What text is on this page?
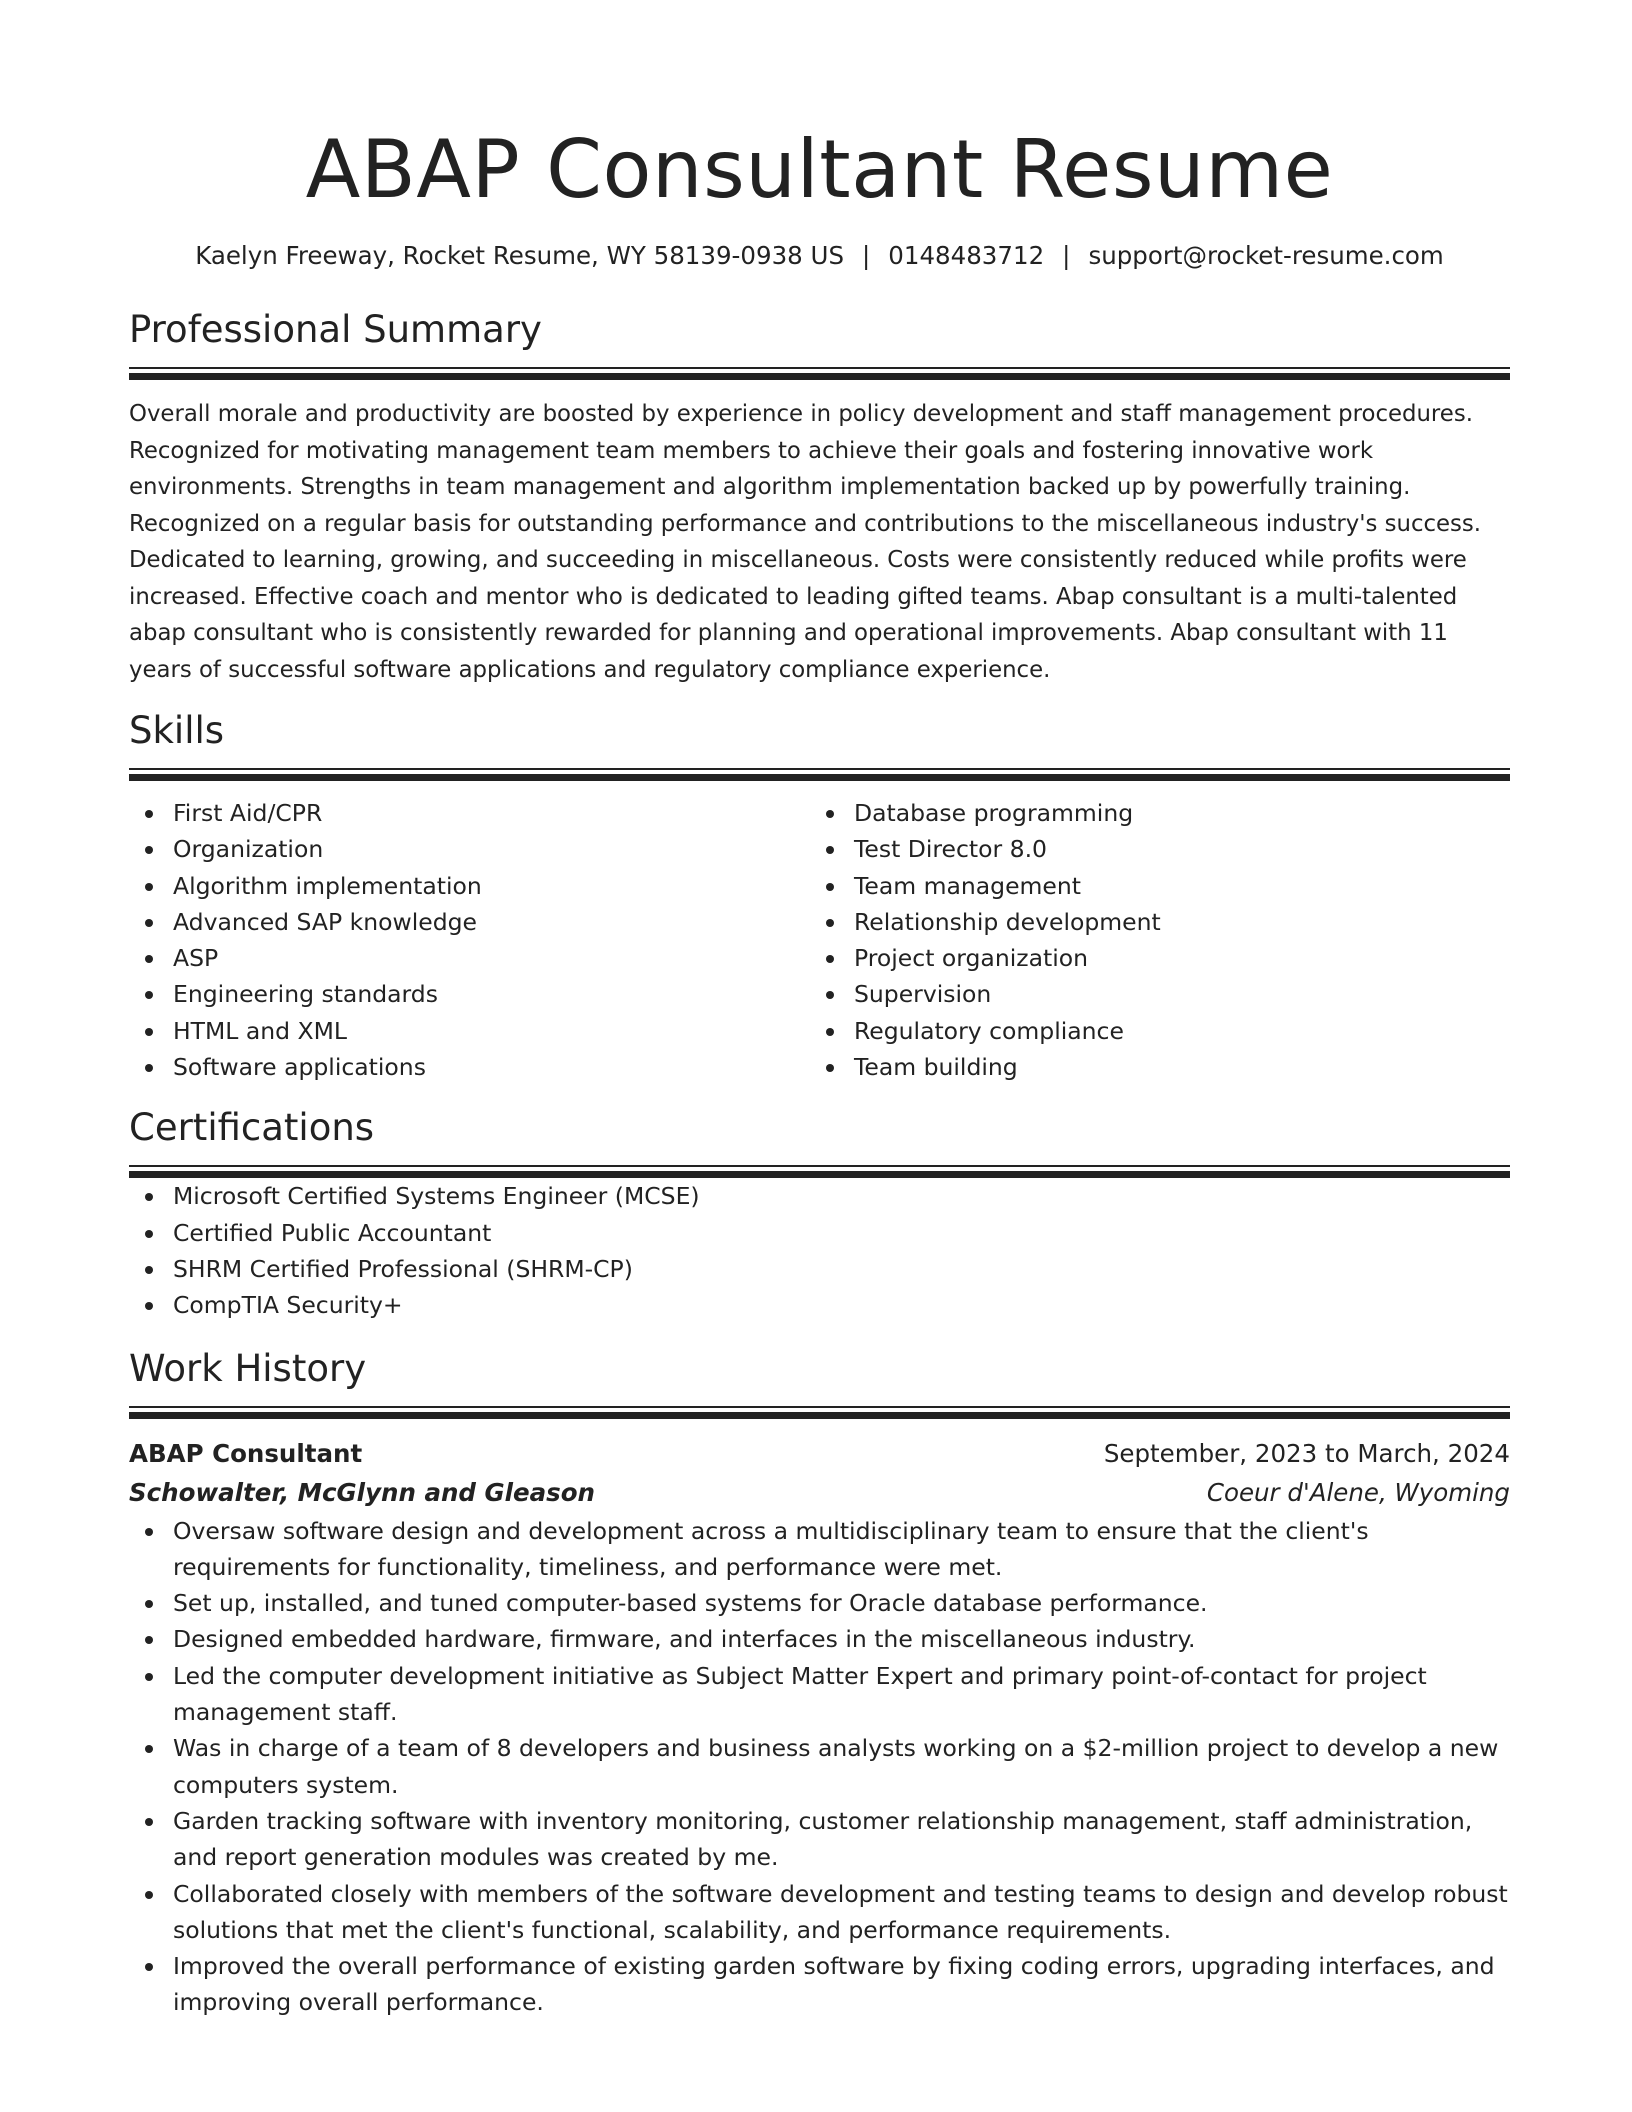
ABAP Consultant Resume
Kaelyn Freeway, Rocket Resume, WY 58139-0938 US | 0148483712 | support@rocket-resume.com
Professional Summary
Overall morale and productivity are boosted by experience in policy development and staff management procedures. Recognized for motivating management team members to achieve their goals and fostering innovative work environments. Strengths in team management and algorithm implementation backed up by powerfully training. Recognized on a regular basis for outstanding performance and contributions to the miscellaneous industry's success. Dedicated to learning, growing, and succeeding in miscellaneous. Costs were consistently reduced while profits were increased. Effective coach and mentor who is dedicated to leading gifted teams. Abap consultant is a multi-talented abap consultant who is consistently rewarded for planning and operational improvements. Abap consultant with 11 years of successful software applications and regulatory compliance experience.
Skills
First Aid/CPR
Organization
Algorithm implementation
Advanced SAP knowledge
ASP
Engineering standards
HTML and XML
Software applications
Database programming
Test Director 8.0
Team management
Relationship development
Project organization
Supervision
Regulatory compliance
Team building
Certifications
Microsoft Certified Systems Engineer (MCSE)
Certified Public Accountant
SHRM Certified Professional (SHRM-CP)
CompTIA Security+
Work History
ABAP Consultant	September, 2023 to March, 2024
Schowalter, McGlynn and Gleason	Coeur d'Alene, Wyoming
Oversaw software design and development across a multidisciplinary team to ensure that the client's requirements for functionality, timeliness, and performance were met.
Set up, installed, and tuned computer-based systems for Oracle database performance.
Designed embedded hardware, firmware, and interfaces in the miscellaneous industry.
Led the computer development initiative as Subject Matter Expert and primary point-of-contact for project management staff.
Was in charge of a team of 8 developers and business analysts working on a $2-million project to develop a new computers system.
Garden tracking software with inventory monitoring, customer relationship management, staff administration, and report generation modules was created by me.
Collaborated closely with members of the software development and testing teams to design and develop robust solutions that met the client's functional, scalability, and performance requirements.
Improved the overall performance of existing garden software by fixing coding errors, upgrading interfaces, and improving overall performance.
